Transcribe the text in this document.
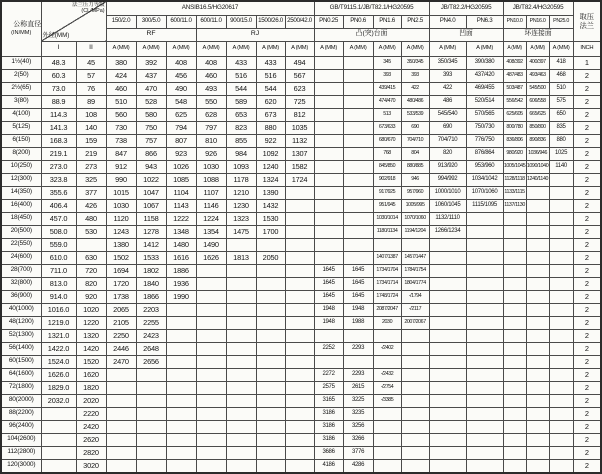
公称直径
(IN/MM)	法兰压力等级
(CL/MPa)
外径(MM)		ANSIB16.5/HG20617							GB/T9115.1/JB/T82.1/HG20595				JB/T82.2/HG20595		JB/T82.4/HG20595			取压
法兰

			150/2.0	300/5.0	600/11.0	600/11.0	900/15.0	1500/26.0	2500/42.0	PN0.25	PN0.6	PN1.6	PN2.5	PN4.0	PN6.3	PN10.0	PN16.0	PN25.0	
			RF			RJ				凸(突)台面				凹面		环连接面			
	I	II	A (MM)	A (MM)	A (MM)	A (MM)	A (MM)	A (MM)	A (MM)	A (MM)	A (MM)	A (MM)	A (MM)	A (MM)	A (MM)	A (MM)	A (MM)	A (MM)	INCH
1½(40)	48.3	45	380	392	408	408	433	433	494			345	350/345	350/345	390/380	408/392	400/397	418	1
2(50)	60.3	57	424	437	456	460	516	516	567			393	393	393	437/420	487/483	493/463	468	2
2½(65)	73.0	76	460	470	490	493	544	544	623			439/415	422	422	469/455	503/487	545/500	510	2
3(80)	88.9	89	510	528	548	550	589	620	725			474/470	480/486	486	520/514	556/542	606/558	575	2
4(100)	114.3	108	560	580	625	628	653	673	812			513	533/539	545/540	570/565	625/605	665/625	650	2
5(125)	141.3	140	730	750	794	797	823	880	1035			673/633	690	690	750/730	800/780	850/800	835	2
6(150)	168.3	159	738	757	807	810	855	922	1132			680/670	704/710	704/710	776/750	836/806	890/836	880	2
8(200)	219.1	219	847	866	923	926	984	1092	1307			768	804	820	876/864	980/920	1036/946	1025	2
10(250)	273.0	273	912	943	1026	1030	1093	1240	1582			845/850	880/885	913/920	953/960	1005/1045	1090/1040	1140	2
12(300)	323.8	325	990	1022	1085	1088	1178	1324	1724			902/918	946	994/992	1034/1042	1128/1118	1240/1140		2
14(350)	355.6	377	1015	1047	1104	1107	1210	1390				917/925	957/960	1000/1010	1070/1060	1133/1115			2
16(400)	406.4	426	1030	1067	1143	1146	1230	1432				951/945	1005/995	1060/1045	1115/1095	1137/1130			2
18(450)	457.0	480	1120	1158	1222	1224	1323	1530				1030/1014	1070/1060	1132/1110					2
20(500)	508.0	530	1243	1278	1348	1354	1475	1700				1180/1134	1194/1204	1266/1234					2
22(550)	559.0		1380	1412	1480	1490													2
24(600)	610.0	630	1502	1533	1616	1626	1813	2050				1407/1387	1457/1447						2
28(700)	711.0	720	1694	1802	1886					1645	1645	1734/1704	1784/1754						2
32(800)	813.0	820	1720	1840	1936					1645	1645	1734/1714	1804/1774						2
36(900)	914.0	920	1738	1866	1990					1645	1645	1748/1724	-/1794						2
40(1000)	1016.0	1020	2065	2203						1948	1948	2087/2047	-/2117						2
48(1200)	1219.0	1220	2105	2255						1948	1988	2030	2007/2067						2
52(1300)	1321.0	1320	2250	2423															2
56(1400)	1422.0	1420	2446	2648						2252	2293	-/2402							2
60(1500)	1524.0	1520	2470	2656															2
64(1600)	1626.0	1620								2272	2293	-/2432							2
72(1800)	1829.0	1820								2575	2615	-/2754							2
80(2000)	2032.0	2020								3165	3225	-/3385							2
88(2200)		2220								3186	3235								2
96(2400)		2420								3186	3256								2
104(2600)		2620								3186	3266								2
112(2800)		2820								3686	3776								2
120(3000)		3020								4186	4286								2
